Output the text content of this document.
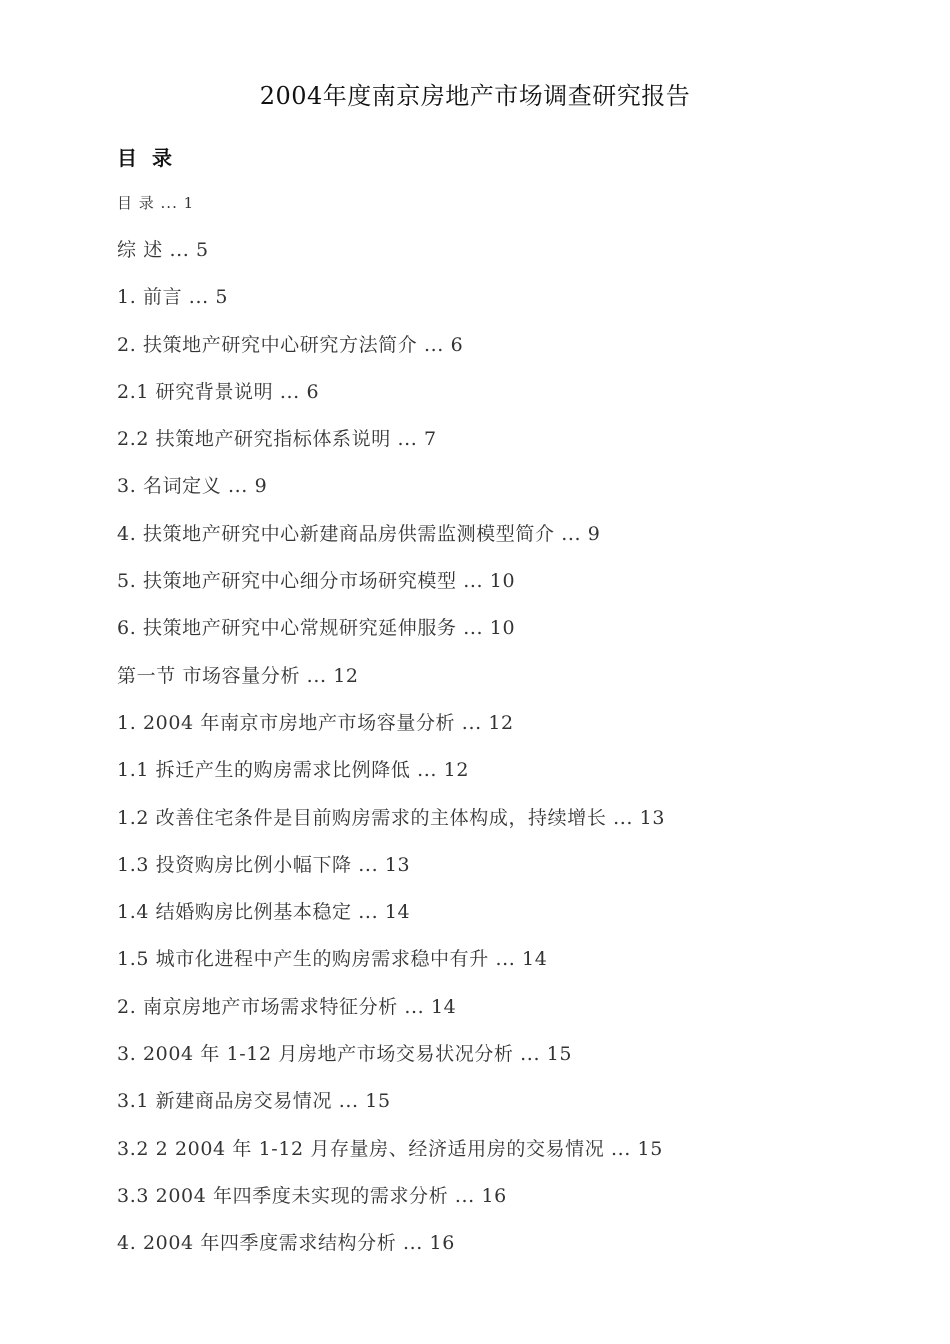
2004年度南京房地产市场调查研究报告
目 录
目 录 ... 1
综 述 ... 5
1. 前言 ... 5
2. 扶策地产研究中心研究方法简介 ... 6
2.1 研究背景说明 ... 6
2.2 扶策地产研究指标体系说明 ... 7
3. 名词定义 ... 9
4. 扶策地产研究中心新建商品房供需监测模型简介 ... 9
5. 扶策地产研究中心细分市场研究模型 ... 10
6. 扶策地产研究中心常规研究延伸服务 ... 10
第一节 市场容量分析 ... 12
1. 2004 年南京市房地产市场容量分析 ... 12
1.1 拆迁产生的购房需求比例降低 ... 12
1.2 改善住宅条件是目前购房需求的主体构成，持续增长 ... 13
1.3 投资购房比例小幅下降 ... 13
1.4 结婚购房比例基本稳定 ... 14
1.5 城市化进程中产生的购房需求稳中有升 ... 14
2. 南京房地产市场需求特征分析 ... 14
3. 2004 年 1-12 月房地产市场交易状况分析 ... 15
3.1 新建商品房交易情况 ... 15
3.2 2 2004 年 1-12 月存量房、经济适用房的交易情况 ... 15
3.3 2004 年四季度未实现的需求分析 ... 16
4. 2004 年四季度需求结构分析 ... 16
